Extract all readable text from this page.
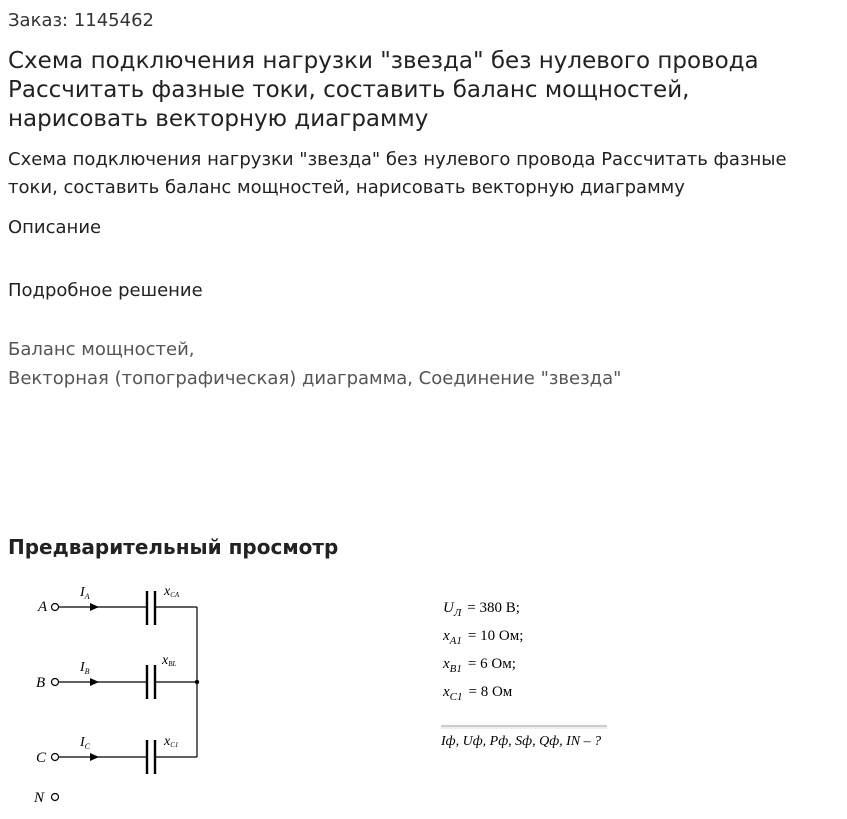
Заказ: 1145462
Схема подключения нагрузки "звезда" без нулевого провода
Рассчитать фазные токи, составить баланс мощностей,
нарисовать векторную диаграмму
Схема подключения нагрузки "звезда" без нулевого провода Рассчитать фазные
токи, составить баланс мощностей, нарисовать векторную диаграмму
Описание
Подробное решение
Баланс мощностей,
Векторная (топографическая) диаграмма, Соединение "звезда"
Предварительный просмотр
A
B
C
N
$I_A$
$I_B$
$I_C$
xCA
xBL
xC1
$U_Л = 380$ В;
$x_{A1} = 10$ Ом;
$x_{B1} = 6$ Ом;
$x_{C1} = 8$ Ом
Iф, Uф, Pф, Sф, Qф, IN – ?
